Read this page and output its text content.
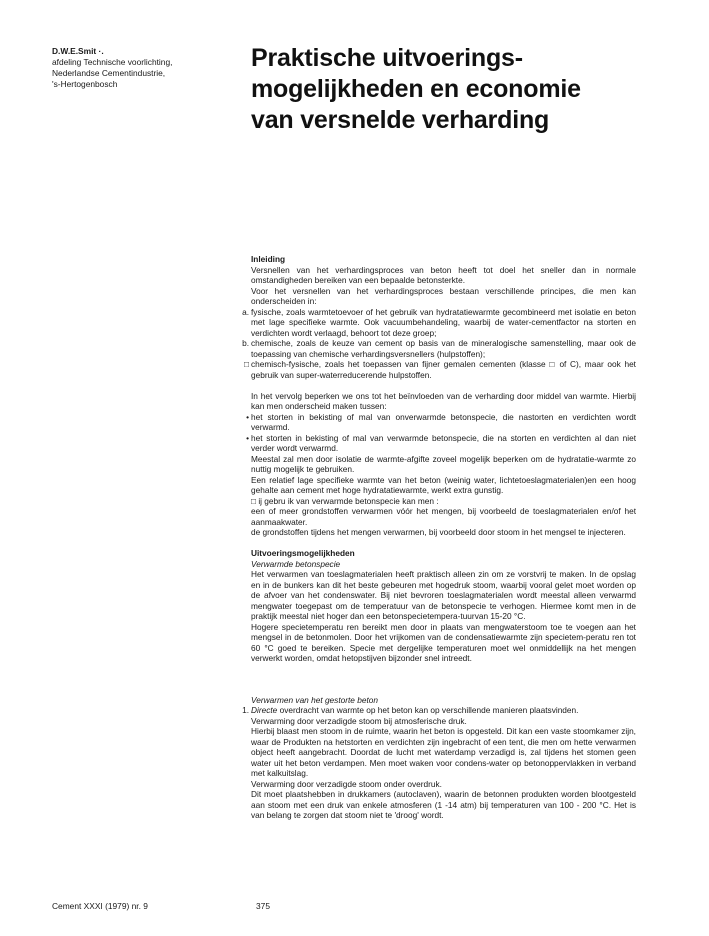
D.W.E.Smit ·.
afdeling Technische voorlichting,
Nederlandse Cementindustrie,
's-Hertogenbosch
Praktische uitvoerings-
mogelijkheden en economie
van versnelde verharding
Inleiding
Versnellen van het verhardingsproces van beton heeft tot doel het sneller dan in normale omstandigheden bereiken van een bepaalde betonsterkte.
Voor het versnellen van het verhardingsproces bestaan verschillende principes, die men kan onderscheiden in:
a. fysische, zoals warmtetoevoer of het gebruik van hydratatiewarmte gecombineerd met isolatie en beton met lage specifieke warmte. Ook vacuumbehandeling, waarbij de water-cementfactor na storten en verdichten wordt verlaagd, behoort tot deze groep;
b. chemische, zoals de keuze van cement op basis van de mineralogische samenstelling, maar ook de toepassing van chemische verhardingsversnellers (hulpstoffen);
□ chemisch-fysische, zoals het toepassen van fijner gemalen cementen (klasse □ of C), maar ook het gebruik van super-waterreducerende hulpstoffen.
In het vervolg beperken we ons tot het beïnvloeden van de verharding door middel van warmte. Hierbij kan men onderscheid maken tussen:
• het storten in bekisting of mal van onverwarmde betonspecie, die nastorten en verdichten wordt verwarmd.
• het storten in bekisting of mal van verwarmde betonspecie, die na storten en verdichten al dan niet verder wordt verwarmd.
Meestal zal men door isolatie de warmte-afgifte zoveel mogelijk beperken om de hydratatie-warmte zo nuttig mogelijk te gebruiken.
Een relatief lage specifieke warmte van het beton (weinig water, lichtetoeslagmaterialen)en een hoog gehalte aan cement met hoge hydratatiewarmte, werkt extra gunstig.
□ ij gebru ik van verwarmde betonspecie kan men :
een of meer grondstoffen verwarmen vóór het mengen, bij voorbeeld de toeslagmaterialen en/of het aanmaakwater.
de grondstoffen tijdens het mengen verwarmen, bij voorbeeld door stoom in het mengsel te injecteren.
Uitvoeringsmogelijkheden
Verwarmde betonspecie
Het verwarmen van toeslagmaterialen heeft praktisch alleen zin om ze vorstvrij te maken. In de opslag en in de bunkers kan dit het beste gebeuren met hogedruk stoom, waarbij vooral gelet moet worden op de afvoer van het condenswater. Bij niet bevroren toeslagmaterialen wordt meestal alleen verwarmd mengwater toegepast om de temperatuur van de betonspecie te verhogen. Hiermee komt men in de praktijk meestal niet hoger dan een betonspecietempera-tuurvan 15-20 °C.
Hogere specietemperatu ren bereikt men door in plaats van mengwaterstoom toe te voegen aan het mengsel in de betonmolen. Door het vrijkomen van de condensatiewarmte zijn specietem-peratu ren tot 60 °C goed te bereiken. Specie met dergelijke temperaturen moet wel onmiddellijk na het mengen verwerkt worden, omdat hetopstijven bijzonder snel intreedt.
Verwarmen van het gestorte beton
1. Directe overdracht van warmte op het beton kan op verschillende manieren plaatsvinden.
Verwarming door verzadigde stoom bij atmosferische druk.
Hierbij blaast men stoom in de ruimte, waarin het beton is opgesteld. Dit kan een vaste stoomkamer zijn, waar de Produkten na hetstorten en verdichten zijn ingebracht of een tent, die men om hette verwarmen object heeft aangebracht. Doordat de lucht met waterdamp verzadigd is, zal tijdens het stomen geen water uit het beton verdampen. Men moet waken voor condens-water op betonoppervlakken in verband met kalkuitslag.
Verwarming door verzadigde stoom onder overdruk.
Dit moet plaatshebben in drukkamers (autoclaven), waarin de betonnen produkten worden blootgesteld aan stoom met een druk van enkele atmosferen (1 -14 atm) bij temperaturen van 100 - 200 °C. Het is van belang te zorgen dat stoom niet te 'droog' wordt.
Cement XXXI (1979) nr. 9	375
